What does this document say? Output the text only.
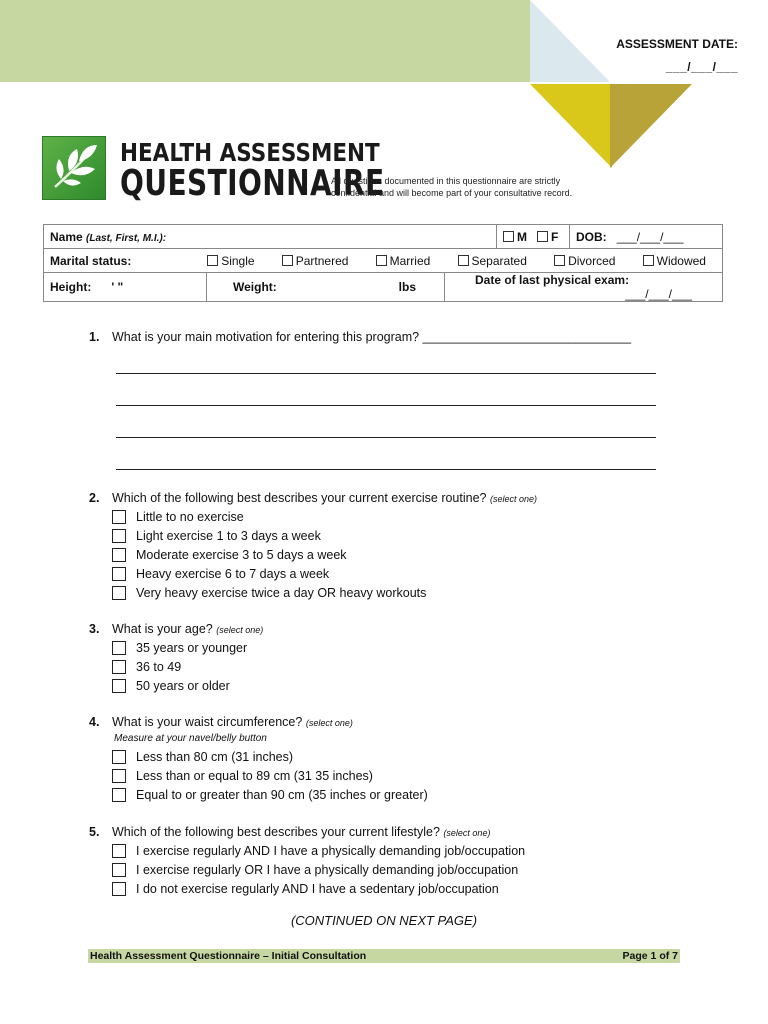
ASSESSMENT DATE:
___/___/___
HEALTH ASSESSMENT
QUESTIONNAIRE
All questions documented in this questionnaire are strictly confidential and will become part of your consultative record.
Name (Last, First, M.I.):	M F	DOB: ___/___/___

Marital status:	Single	Partnered	Married	Separated	Divorced	Widowed

Height: ' "	Weight:	lbs	Date of last physical exam:
___/___/___
1. What is your main motivation for entering this program? ______________________________
2. Which of the following best describes your current exercise routine? (select one)
Little to no exercise
Light exercise 1 to 3 days a week
Moderate exercise 3 to 5 days a week
Heavy exercise 6 to 7 days a week
Very heavy exercise twice a day OR heavy workouts
3. What is your age? (select one)
35 years or younger
36 to 49
50 years or older
4. What is your waist circumference? (select one)
Measure at your navel/belly button
Less than 80 cm (31 inches)
Less than or equal to 89 cm (31 35 inches)
Equal to or greater than 90 cm (35 inches or greater)
5. Which of the following best describes your current lifestyle? (select one)
I exercise regularly AND I have a physically demanding job/occupation
I exercise regularly OR I have a physically demanding job/occupation
I do not exercise regularly AND I have a sedentary job/occupation
(CONTINUED ON NEXT PAGE)
Health Assessment Questionnaire – Initial Consultation	Page 1 of 7
